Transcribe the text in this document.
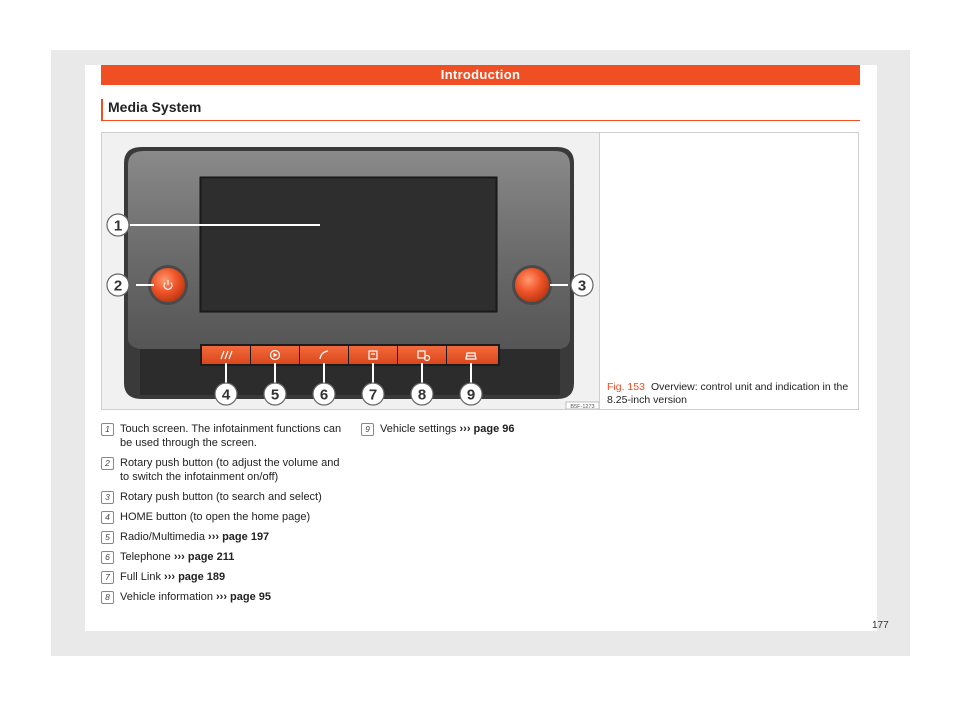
Introduction
Media System
1
2	3
4	5	6	7	8	9
B5F-1273
Fig. 153 Overview: control unit and indication in the 8.25-inch version
1 Touch screen. The infotainment functions can be used through the screen.
2 Rotary push button (to adjust the volume and to switch the infotainment on/off)
3 Rotary push button (to search and select)
4 HOME button (to open the home page)
5 Radio/Multimedia ››› page 197
6 Telephone ››› page 211
7 Full Link ››› page 189
8 Vehicle information ››› page 95
9 Vehicle settings ››› page 96
177
